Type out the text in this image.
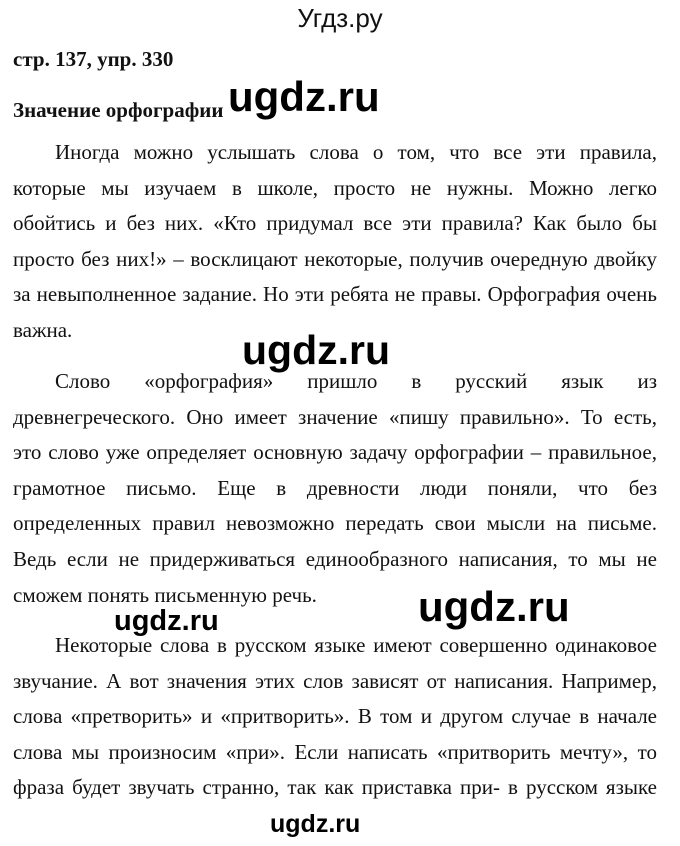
Угдз.ру
стр. 137, упр. 330
Значение орфографии
Иногда можно услышать слова о том, что все эти правила,
которые мы изучаем в школе, просто не нужны. Можно легко
обойтись и без них. «Кто придумал все эти правила? Как было бы
просто без них!» – восклицают некоторые, получив очередную двойку
за невыполненное задание. Но эти ребята не правы. Орфография очень
важна.
Слово «орфография» пришло в русский язык из
древнегреческого. Оно имеет значение «пишу правильно». То есть,
это слово уже определяет основную задачу орфографии – правильное,
грамотное письмо. Еще в древности люди поняли, что без
определенных правил невозможно передать свои мысли на письме.
Ведь если не придерживаться единообразного написания, то мы не
сможем понять письменную речь.
Некоторые слова в русском языке имеют совершенно одинаковое
звучание. А вот значения этих слов зависят от написания. Например,
слова «претворить» и «притворить». В том и другом случае в начале
слова мы произносим «при». Если написать «притворить мечту», то
фраза будет звучать странно, так как приставка при- в русском языке
ugdz.ru
ugdz.ru
ugdz.ru
ugdz.ru
ugdz.ru
